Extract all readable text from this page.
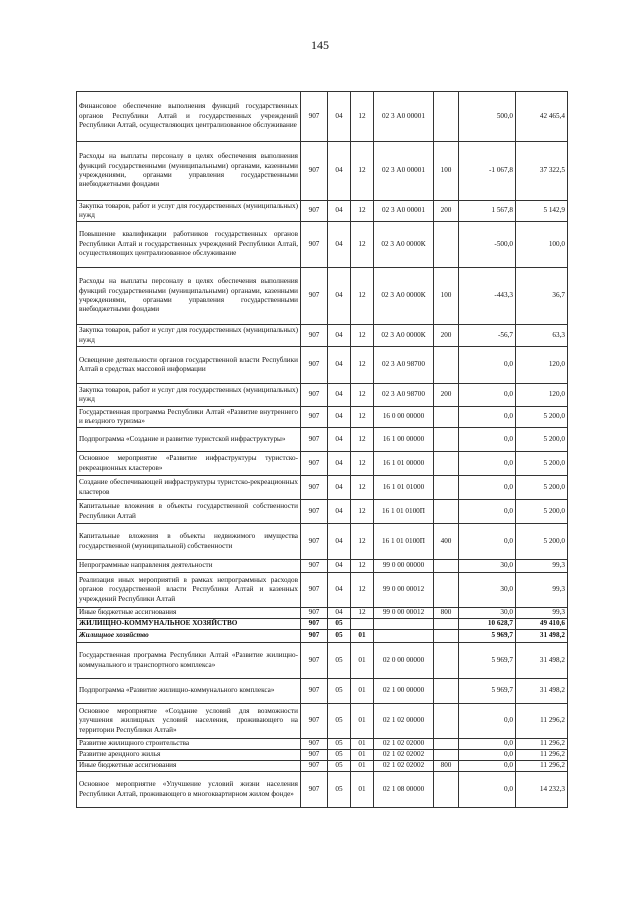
145
Финансовое обеспечение выполнения функций государственных органов Республики Алтай и государственных учреждений Республики Алтай, осуществляющих централизованное обслуживание	907	04	12	02 3 А0 00001		500,0	42 465,4
Расходы на выплаты персоналу в целях обеспечения выполнения функций государственными (муниципальными) органами, казенными учреждениями, органами управления государственными внебюджетными фондами	907	04	12	02 3 А0 00001	100	-1 067,8	37 322,5
Закупка товаров, работ и услуг для государственных (муниципальных) нужд	907	04	12	02 3 А0 00001	200	1 567,8	5 142,9
Повышение квалификации работников государственных органов Республики Алтай и государственных учреждений Республики Алтай, осуществляющих централизованное обслуживание	907	04	12	02 3 А0 0000К		-500,0	100,0
Расходы на выплаты персоналу в целях обеспечения выполнения функций государственными (муниципальными) органами, казенными учреждениями, органами управления государственными внебюджетными фондами	907	04	12	02 3 А0 0000К	100	-443,3	36,7
Закупка товаров, работ и услуг для государственных (муниципальных) нужд	907	04	12	02 3 А0 0000К	200	-56,7	63,3
Освещение деятельности органов государственной власти Республики Алтай в средствах массовой информации	907	04	12	02 3 А0 98700		0,0	120,0
Закупка товаров, работ и услуг для государственных (муниципальных) нужд	907	04	12	02 3 А0 98700	200	0,0	120,0
Государственная программа Республики Алтай «Развитие внутреннего и въездного туризма»	907	04	12	16 0 00 00000		0,0	5 200,0
Подпрограмма «Создание и развитие туристской инфраструктуры»	907	04	12	16 1 00 00000		0,0	5 200,0
Основное мероприятие «Развитие инфраструктуры туристско-рекреационных кластеров»	907	04	12	16 1 01 00000		0,0	5 200,0
Создание обеспечивающей инфраструктуры туристско-рекреационных кластеров	907	04	12	16 1 01 01000		0,0	5 200,0
Капитальные вложения в объекты государственной собственности Республики Алтай	907	04	12	16 1 01 0100П		0,0	5 200,0
Капитальные вложения в объекты недвижимого имущества государственной (муниципальной) собственности	907	04	12	16 1 01 0100П	400	0,0	5 200,0
Непрограммные направления деятельности	907	04	12	99 0 00 00000		30,0	99,3
Реализация иных мероприятий в рамках непрограммных расходов органов государственной власти Республики Алтай и казенных учреждений Республики Алтай	907	04	12	99 0 00 00012		30,0	99,3
Иные бюджетные ассигнования	907	04	12	99 0 00 00012	800	30,0	99,3
ЖИЛИЩНО-КОММУНАЛЬНОЕ ХОЗЯЙСТВО	907	05				10 628,7	49 410,6
Жилищное хозяйство	907	05	01			5 969,7	31 498,2
Государственная программа Республики Алтай «Развитие жилищно-коммунального и транспортного комплекса»	907	05	01	02 0 00 00000		5 969,7	31 498,2
Подпрограмма «Развитие жилищно-коммунального комплекса»	907	05	01	02 1 00 00000		5 969,7	31 498,2
Основное мероприятие «Создание условий для возможности улучшения жилищных условий населения, проживающего на территории Республики Алтай»	907	05	01	02 1 02 00000		0,0	11 296,2
Развитие жилищного строительства	907	05	01	02 1 02 02000		0,0	11 296,2
Развитие арендного жилья	907	05	01	02 1 02 02002		0,0	11 296,2
Иные бюджетные ассигнования	907	05	01	02 1 02 02002	800	0,0	11 296,2
Основное мероприятие «Улучшение условий жизни населения Республики Алтай, проживающего в многоквартирном жилом фонде»	907	05	01	02 1 08 00000		0,0	14 232,3
